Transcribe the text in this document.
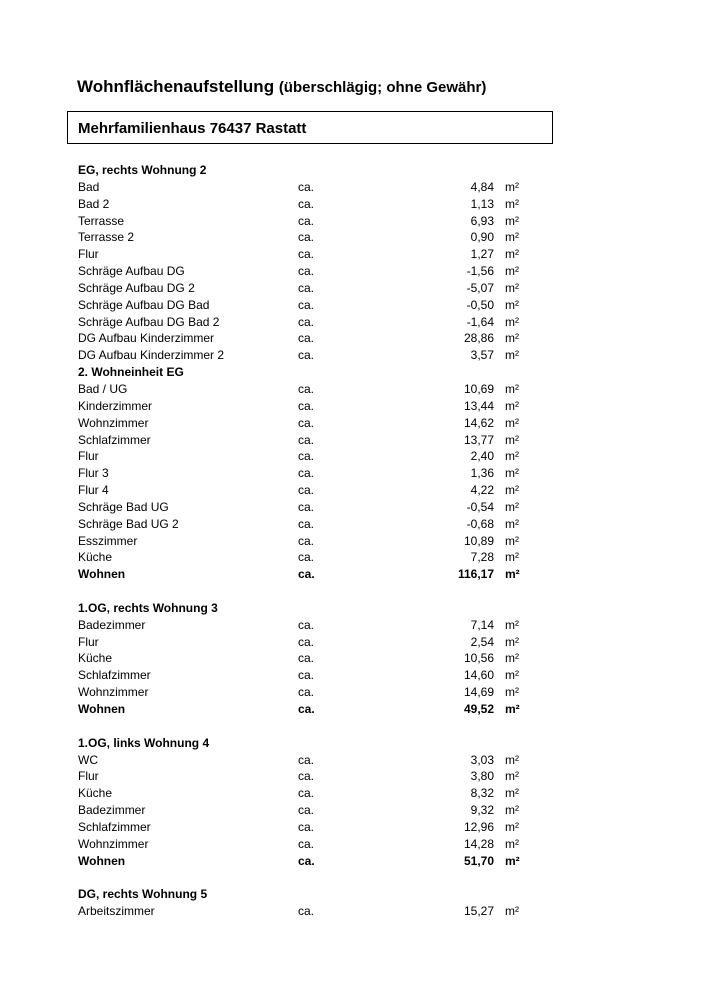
Wohnflächenaufstellung (überschlägig; ohne Gewähr)
Mehrfamilienhaus 76437 Rastatt
EG, rechts Wohnung 2
Bad	ca.	4,84 m²
Bad 2	ca.	1,13 m²
Terrasse	ca.	6,93 m²
Terrasse 2	ca.	0,90 m²
Flur	ca.	1,27 m²
Schräge Aufbau DG	ca.	-1,56 m²
Schräge Aufbau DG 2	ca.	-5,07 m²
Schräge Aufbau DG Bad	ca.	-0,50 m²
Schräge Aufbau DG Bad 2	ca.	-1,64 m²
DG Aufbau Kinderzimmer	ca.	28,86 m²
DG Aufbau Kinderzimmer 2	ca.	3,57 m²
2. Wohneinheit EG
Bad / UG	ca.	10,69 m²
Kinderzimmer	ca.	13,44 m²
Wohnzimmer	ca.	14,62 m²
Schlafzimmer	ca.	13,77 m²
Flur	ca.	2,40 m²
Flur 3	ca.	1,36 m²
Flur 4	ca.	4,22 m²
Schräge Bad UG	ca.	-0,54 m²
Schräge Bad UG 2	ca.	-0,68 m²
Esszimmer	ca.	10,89 m²
Küche	ca.	7,28 m²
Wohnen	ca.	116,17 m²
1.OG, rechts Wohnung 3
Badezimmer	ca.	7,14 m²
Flur	ca.	2,54 m²
Küche	ca.	10,56 m²
Schlafzimmer	ca.	14,60 m²
Wohnzimmer	ca.	14,69 m²
Wohnen	ca.	49,52 m²
1.OG, links Wohnung 4
WC	ca.	3,03 m²
Flur	ca.	3,80 m²
Küche	ca.	8,32 m²
Badezimmer	ca.	9,32 m²
Schlafzimmer	ca.	12,96 m²
Wohnzimmer	ca.	14,28 m²
Wohnen	ca.	51,70 m²
DG, rechts Wohnung 5
Arbeitszimmer	ca.	15,27 m²
